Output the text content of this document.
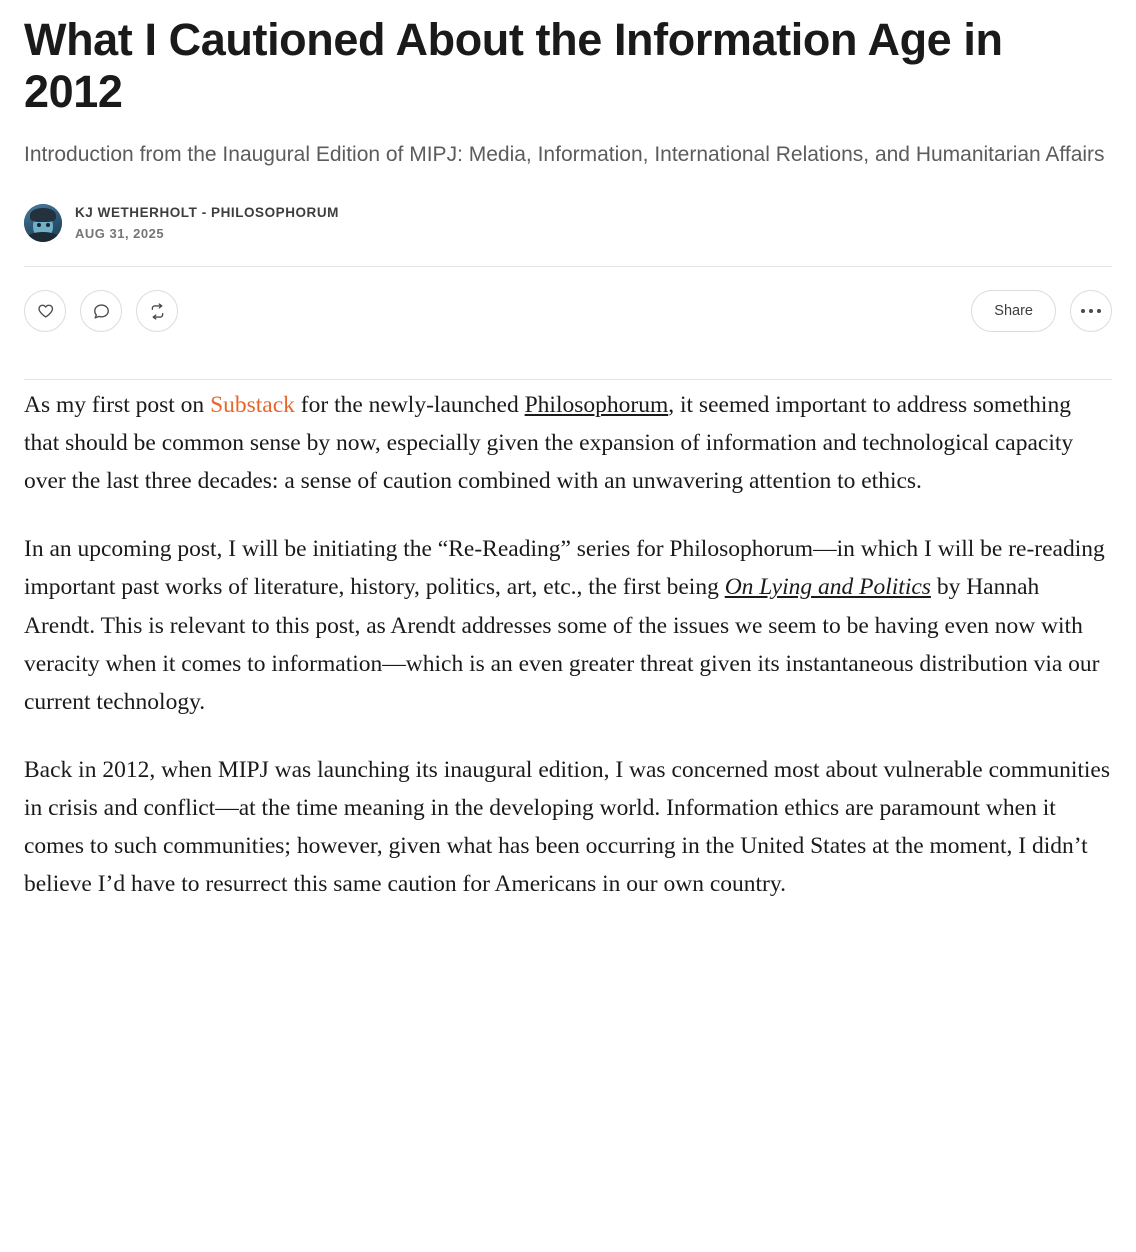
What I Cautioned About the Information Age in 2012
Introduction from the Inaugural Edition of MIPJ: Media, Information, International Relations, and Humanitarian Affairs
KJ WETHERHOLT - PHILOSOPHORUM
AUG 31, 2025
Share

As my first post on Substack for the newly-launched Philosophorum, it seemed important to address something that should be common sense by now, especially given the expansion of information and technological capacity over the last three decades: a sense of caution combined with an unwavering attention to ethics.

In an upcoming post, I will be initiating the “Re-Reading” series for Philosophorum—in which I will be re-reading important past works of literature, history, politics, art, etc., the first being On Lying and Politics by Hannah Arendt. This is relevant to this post, as Arendt addresses some of the issues we seem to be having even now with veracity when it comes to information—which is an even greater threat given its instantaneous distribution via our current technology.

Back in 2012, when MIPJ was launching its inaugural edition, I was concerned most about vulnerable communities in crisis and conflict—at the time meaning in the developing world. Information ethics are paramount when it comes to such communities; however, given what has been occurring in the United States at the moment, I didn’t believe I’d have to resurrect this same caution for Americans in our own country.
